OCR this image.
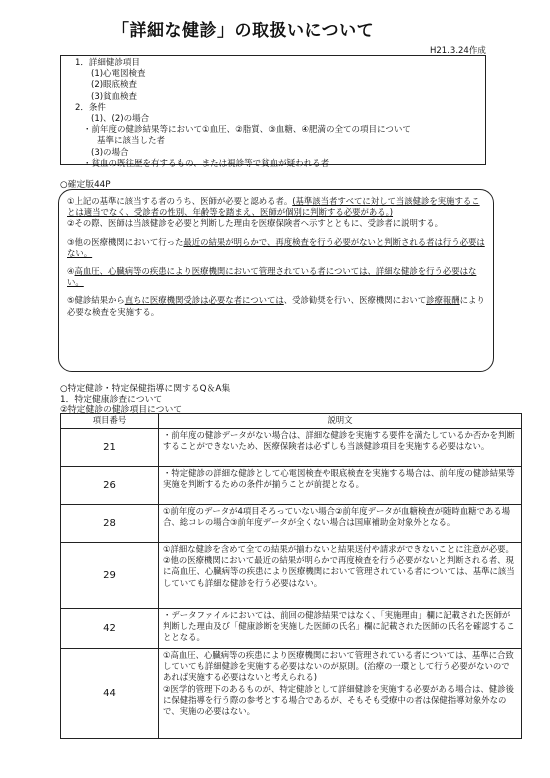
「詳細な健診」の取扱いについて
H21.3.24作成
1．詳細健診項目
(1)心電図検査
(2)眼底検査
(3)貧血検査
2．条件
(1)、(2)の場合
・前年度の健診結果等において①血圧、②脂質、③血糖、④肥満の全ての項目について
基準に該当した者
(3)の場合
・貧血の既往歴を有するもの、または視診等で貧血が疑われる者
○確定版44P

①上記の基準に該当する者のうち、医師が必要と認める者。(基準該当者すべてに対して当該健診を実施することは適当でなく、受診者の性別、年齢等を踏まえ、医師が個別に判断する必要がある。)

②その際、医師は当該健診を必要と判断した理由を医療保険者へ示すとともに、受診者に説明する。

③他の医療機関において行った最近の結果が明らかで、再度検査を行う必要がないと判断される者は行う必要はない。

④高血圧、心臓病等の疾患により医療機関において管理されている者については、詳細な健診を行う必要はない。

⑤健診結果から直ちに医療機関受診は必要な者については、受診勧奨を行い、医療機関において診療報酬により必要な検査を実施する。

○特定健診・特定保健指導に関するQ＆A集
1．特定健康診査について
②特定健診の健診項目について
項目番号	説明文
21	・前年度の健診データがない場合は、詳細な健診を実施する要件を満たしているか否かを判断することができないため、医療保険者は必ずしも当該健診項目を実施する必要はない。
26	・特定健診の詳細な健診として心電図検査や眼底検査を実施する場合は、前年度の健診結果等実施を判断するための条件が揃うことが前提となる。
28	①前年度のデータが4項目そろっていない場合②前年度データが血糖検査が随時血糖である場合、総コレの場合③前年度データが全くない場合は国庫補助金対象外となる。
29	①詳細な健診を含めて全ての結果が揃わないと結果送付や請求ができないことに注意が必要。
②他の医療機関において最近の結果が明らかで再度検査を行う必要がないと判断される者、現に高血圧、心臓病等の疾患により医療機関において管理されている者については、基準に該当していても詳細な健診を行う必要はない。
42	・データファイルにおいては、前回の健診結果ではなく、「実施理由」欄に記載された医師が判断した理由及び「健康診断を実施した医師の氏名」欄に記載された医師の氏名を確認することとなる。
44	①高血圧、心臓病等の疾患により医療機関において管理されている者については、基準に合致していても詳細健診を実施する必要はないのが原則。(治療の一環として行う必要がないのであれば実施する必要はないと考えられる)
②医学的管理下のあるものが、特定健診として詳細健診を実施する必要がある場合は、健診後に保健指導を行う際の参考とする場合であるが、そもそも受療中の者は保健指導対象外なので、実施の必要はない。
